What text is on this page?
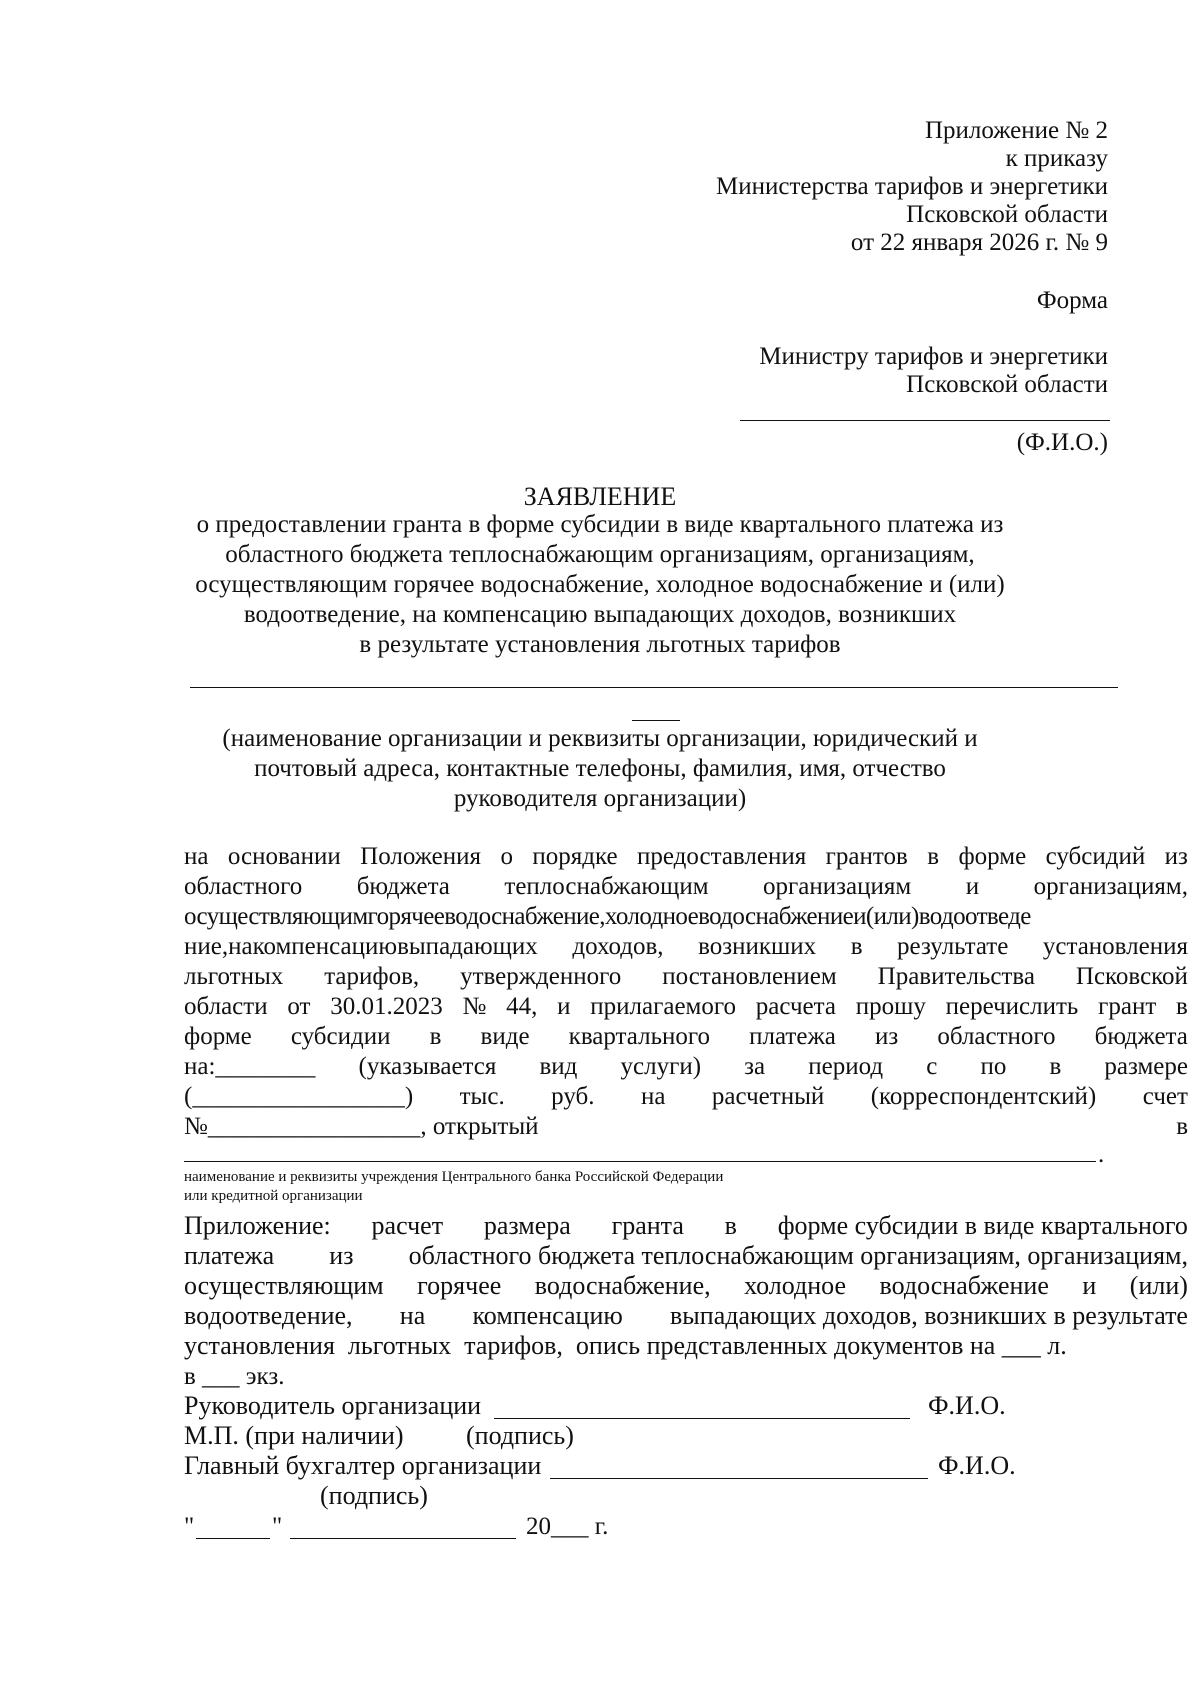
Приложение № 2
к приказу
Министерства тарифов и энергетики
Псковской области
от 22 января 2026 г. № 9
Форма
Министру тарифов и энергетики
Псковской области
(Ф.И.О.)
ЗАЯВЛЕНИЕ
о предоставлении гранта в форме субсидии в виде квартального платежа из
областного бюджета теплоснабжающим организациям, организациям,
осуществляющим горячее водоснабжение, холодное водоснабжение и (или)
водоотведение, на компенсацию выпадающих доходов, возникших
в результате установления льготных тарифов
(наименование организации и реквизиты организации, юридический и
почтовый адреса, контактные телефоны, фамилия, имя, отчество
руководителя организации)
на основании Положения о порядке предоставления грантов в форме субсидий из
областного бюджета теплоснабжающим организациям и организациям,
осуществляющимгорячееводоснабжение,холодноеводоснабжениеи(или)водоотведе
ние,накомпенсациювыпадающих доходов, возникших в результате установления
льготных тарифов, утвержденного постановлением Правительства Псковской
области от 30.01.2023 № 44, и прилагаемого расчета прошу перечислить грант в
форме субсидии в виде квартального платежа из областного бюджета
на:________ (указывается вид услуги) за период с по в размере
(_________________) тыс. руб. на расчетный (корреспондентский) счет
№_________________, открытый	в
.
наименование и реквизиты учреждения Центрального банка Российской Федерации
или кредитной организации
Приложение: расчет размера гранта в форме субсидии в виде квартального
платежа из областного бюджета теплоснабжающим организациям, организациям,
осуществляющим горячее водоснабжение, холодное водоснабжение и (или)
водоотведение, на компенсацию выпадающих доходов, возникших в результате
установления  льготных  тарифов,  опись представленных документов на ___ л.
в ___ экз.
Руководитель организации	Ф.И.О.
М.П. (при наличии) (подпись)
Главный бухгалтер организации	Ф.И.О.
(подпись)
"	"	20___ г.
